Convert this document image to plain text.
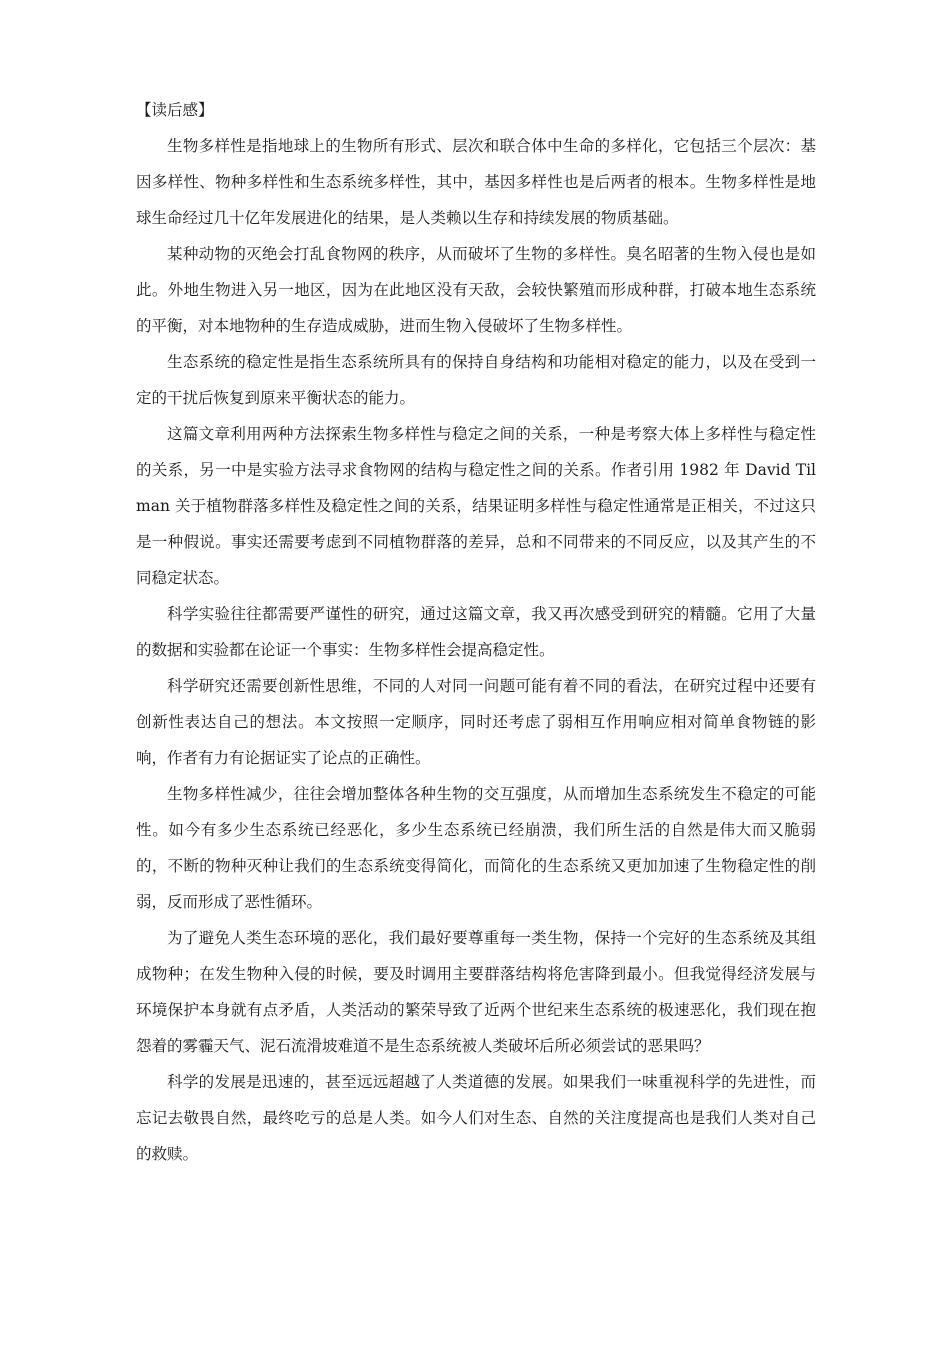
【读后感】

生物多样性是指地球上的生物所有形式、层次和联合体中生命的多样化，它包括三个层次：基因多样性、物种多样性和生态系统多样性，其中，基因多样性也是后两者的根本。生物多样性是地球生命经过几十亿年发展进化的结果，是人类赖以生存和持续发展的物质基础。

某种动物的灭绝会打乱食物网的秩序，从而破坏了生物的多样性。臭名昭著的生物入侵也是如此。外地生物进入另一地区，因为在此地区没有天敌，会较快繁殖而形成种群，打破本地生态系统的平衡，对本地物种的生存造成威胁，进而生物入侵破坏了生物多样性。

生态系统的稳定性是指生态系统所具有的保持自身结构和功能相对稳定的能力，以及在受到一定的干扰后恢复到原来平衡状态的能力。

这篇文章利用两种方法探索生物多样性与稳定之间的关系，一种是考察大体上多样性与稳定性的关系，另一中是实验方法寻求食物网的结构与稳定性之间的关系。作者引用 1982 年 David Tilman 关于植物群落多样性及稳定性之间的关系，结果证明多样性与稳定性通常是正相关，不过这只是一种假说。事实还需要考虑到不同植物群落的差异，总和不同带来的不同反应，以及其产生的不同稳定状态。

科学实验往往都需要严谨性的研究，通过这篇文章，我又再次感受到研究的精髓。它用了大量的数据和实验都在论证一个事实：生物多样性会提高稳定性。

科学研究还需要创新性思维，不同的人对同一问题可能有着不同的看法，在研究过程中还要有创新性表达自己的想法。本文按照一定顺序，同时还考虑了弱相互作用响应相对简单食物链的影响，作者有力有论据证实了论点的正确性。

生物多样性减少，往往会增加整体各种生物的交互强度，从而增加生态系统发生不稳定的可能性。如今有多少生态系统已经恶化，多少生态系统已经崩溃，我们所生活的自然是伟大而又脆弱的，不断的物种灭种让我们的生态系统变得简化，而简化的生态系统又更加加速了生物稳定性的削弱，反而形成了恶性循环。

为了避免人类生态环境的恶化，我们最好要尊重每一类生物，保持一个完好的生态系统及其组成物种；在发生物种入侵的时候，要及时调用主要群落结构将危害降到最小。但我觉得经济发展与环境保护本身就有点矛盾，人类活动的繁荣导致了近两个世纪来生态系统的极速恶化，我们现在抱怨着的雾霾天气、泥石流滑坡难道不是生态系统被人类破坏后所必须尝试的恶果吗？

科学的发展是迅速的，甚至远远超越了人类道德的发展。如果我们一味重视科学的先进性，而忘记去敬畏自然，最终吃亏的总是人类。如今人们对生态、自然的关注度提高也是我们人类对自己的救赎。
